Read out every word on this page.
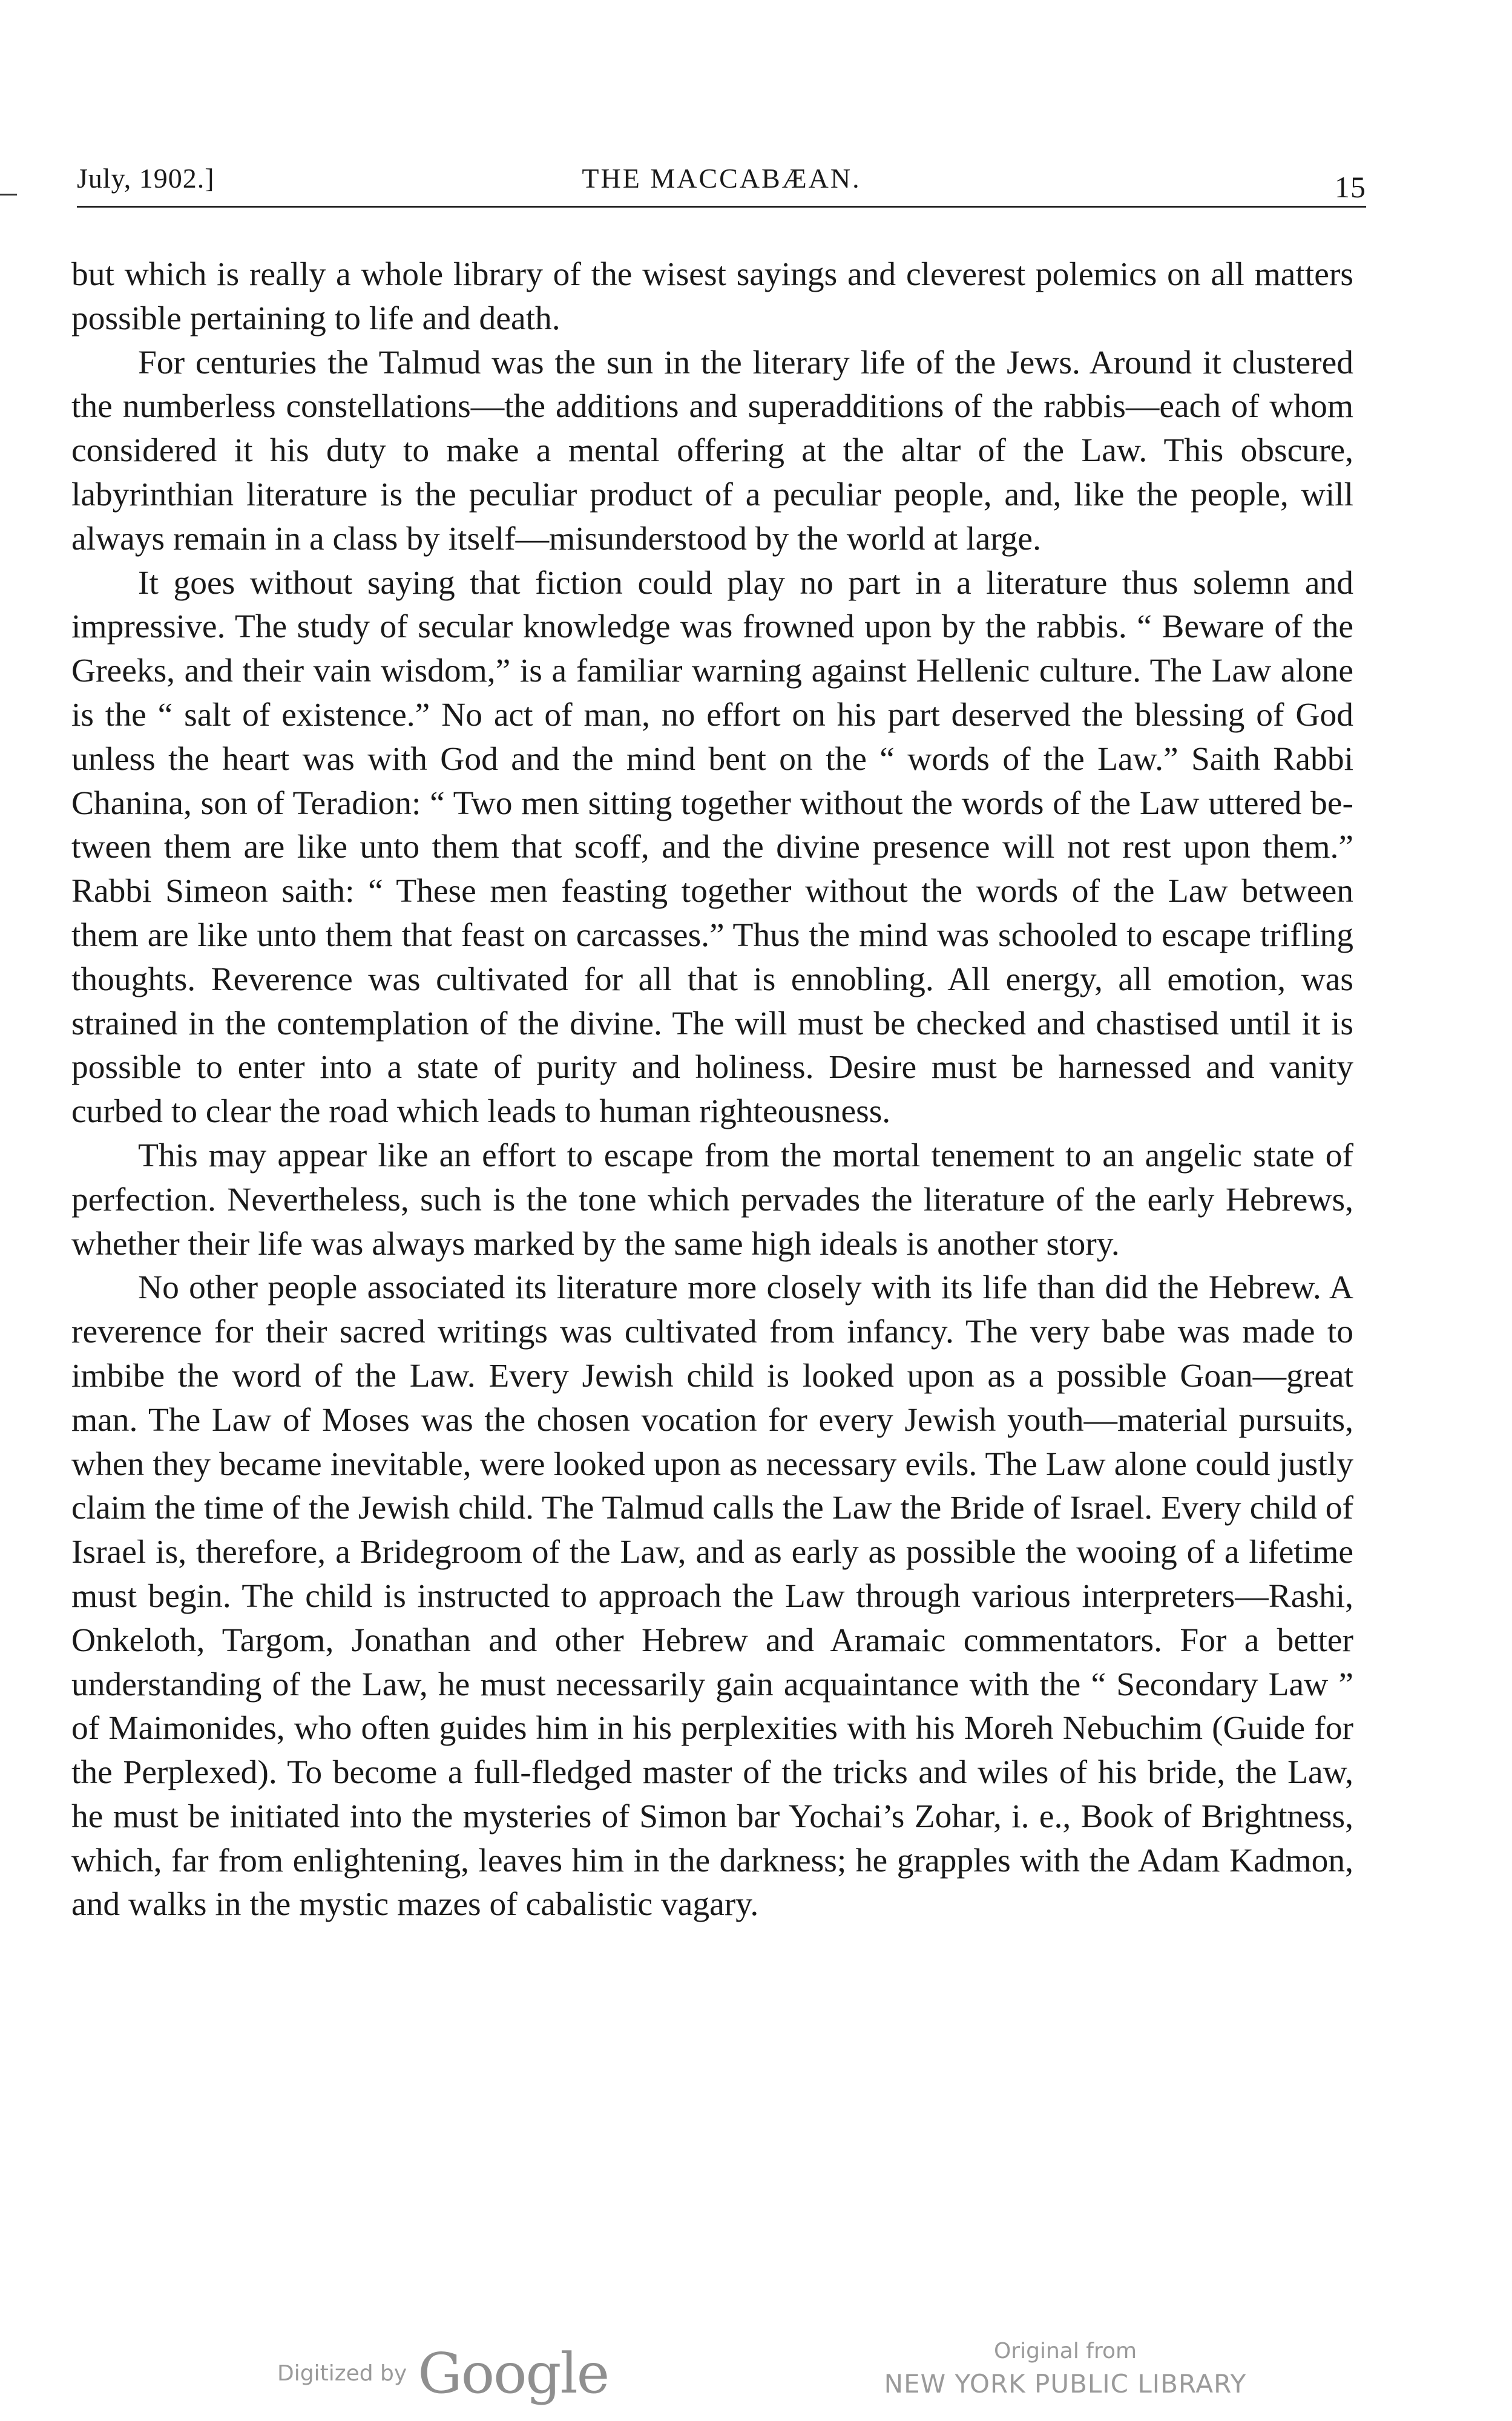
July, 1902.]	THE MACCABÆAN.	15

but which is really a whole library of the wisest sayings and cleverest polemics on all matters possible pertaining to life and death.

For centuries the Talmud was the sun in the literary life of the Jews. Around it clustered the numberless constellations—the additions and superadditions of the rabbis—each of whom considered it his duty to make a mental offering at the altar of the Law. This obscure, labyrinthian literature is the peculiar product of a peculiar people, and, like the people, will always remain in a class by itself—misunderstood by the world at large.

It goes without saying that fiction could play no part in a literature thus solemn and impressive. The study of secular knowledge was frowned upon by the rabbis. “ Beware of the Greeks, and their vain wisdom,” is a familiar warning against Hellenic culture. The Law alone is the “ salt of existence.” No act of man, no effort on his part deserved the blessing of God unless the heart was with God and the mind bent on the “ words of the Law.” Saith Rabbi Chanina, son of Teradion: “ Two men sitting together without the words of the Law uttered between them are like unto them that scoff, and the divine presence will not rest upon them.” Rabbi Simeon saith: “ These men feasting together without the words of the Law between them are like unto them that feast on carcasses.” Thus the mind was schooled to escape trifling thoughts. Reverence was cultivated for all that is ennobling. All energy, all emotion, was strained in the contemplation of the divine. The will must be checked and chastised until it is possible to enter into a state of purity and holiness. Desire must be harnessed and vanity curbed to clear the road which leads to human righteousness.

This may appear like an effort to escape from the mortal tenement to an angelic state of perfection. Nevertheless, such is the tone which pervades the literature of the early Hebrews, whether their life was always marked by the same high ideals is another story.

No other people associated its literature more closely with its life than did the Hebrew. A reverence for their sacred writings was cultivated from infancy. The very babe was made to imbibe the word of the Law. Every Jewish child is looked upon as a possible Goan—great man. The Law of Moses was the chosen vocation for every Jewish youth—material pursuits, when they became inevitable, were looked upon as necessary evils. The Law alone could justly claim the time of the Jewish child. The Talmud calls the Law the Bride of Israel. Every child of Israel is, therefore, a Bridegroom of the Law, and as early as possible the wooing of a lifetime must begin. The child is instructed to approach the Law through various interpreters—Rashi, Onkeloth, Targom, Jonathan and other Hebrew and Aramaic commentators. For a better understanding of the Law, he must necessarily gain acquaintance with the “ Secondary Law ” of Maimonides, who often guides him in his perplexities with his Moreh Nebuchim (Guide for the Perplexed). To become a full-fledged master of the tricks and wiles of his bride, the Law, he must be initiated into the mysteries of Simon bar Yochai’s Zohar, i. e., Book of Brightness, which, far from enlightening, leaves him in the darkness; he grapples with the Adam Kadmon, and walks in the mystic mazes of cabalistic vagary.

Digitized by Google	Original from
NEW YORK PUBLIC LIBRARY
